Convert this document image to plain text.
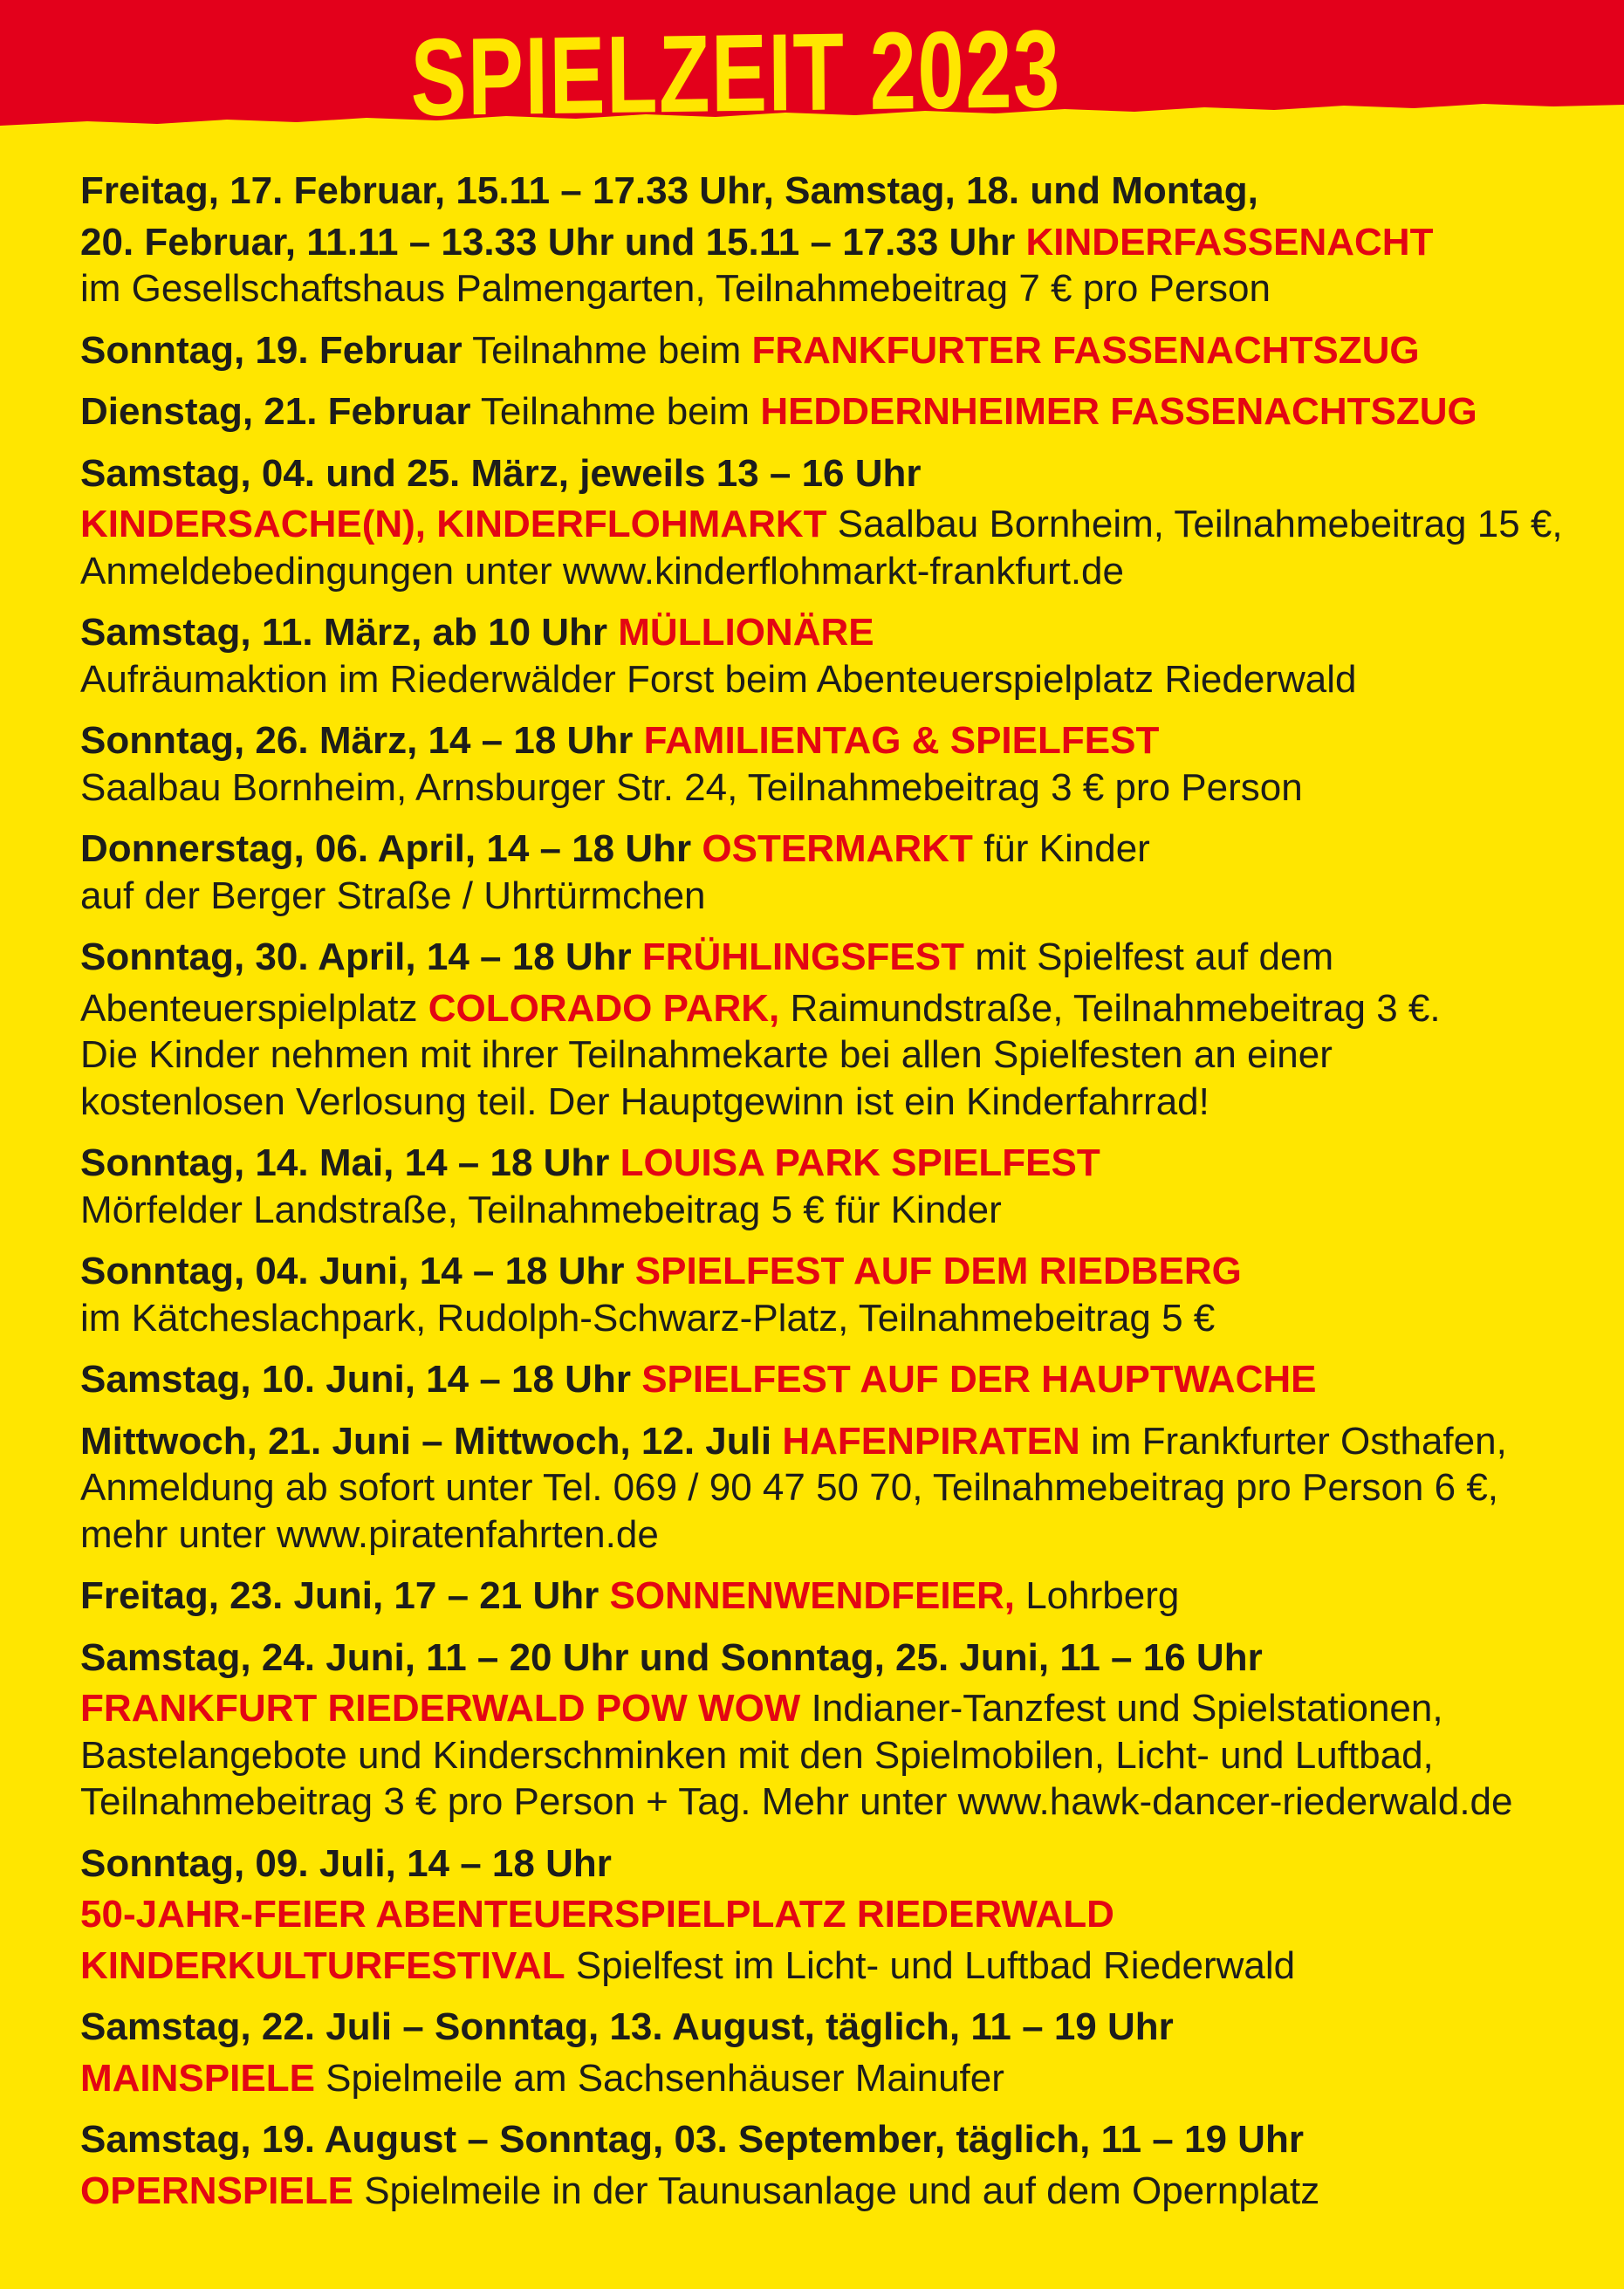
SPIELZEIT 2023
Freitag, 17. Februar, 15.11 – 17.33 Uhr, Samstag, 18. und Montag,
20. Februar, 11.11 – 13.33 Uhr und 15.11 – 17.33 Uhr KINDERFASSENACHT
im Gesellschaftshaus Palmengarten, Teilnahmebeitrag 7 € pro Person
Sonntag, 19. Februar Teilnahme beim FRANKFURTER FASSENACHTSZUG
Dienstag, 21. Februar Teilnahme beim HEDDERNHEIMER FASSENACHTSZUG
Samstag, 04. und 25. März, jeweils 13 – 16 Uhr
KINDERSACHE(N), KINDERFLOHMARKT Saalbau Bornheim, Teilnahmebeitrag 15 €,
Anmeldebedingungen unter www.kinderflohmarkt-frankfurt.de
Samstag, 11. März, ab 10 Uhr MÜLLIONÄRE
Aufräumaktion im Riederwälder Forst beim Abenteuerspielplatz Riederwald
Sonntag, 26. März, 14 – 18 Uhr FAMILIENTAG & SPIELFEST
Saalbau Bornheim, Arnsburger Str. 24, Teilnahmebeitrag 3 € pro Person
Donnerstag, 06. April, 14 – 18 Uhr OSTERMARKT für Kinder
auf der Berger Straße / Uhrtürmchen
Sonntag, 30. April, 14 – 18 Uhr FRÜHLINGSFEST mit Spielfest auf dem
Abenteuerspielplatz COLORADO PARK, Raimundstraße, Teilnahmebeitrag 3 €.
Die Kinder nehmen mit ihrer Teilnahmekarte bei allen Spielfesten an einer
kostenlosen Verlosung teil. Der Hauptgewinn ist ein Kinderfahrrad!
Sonntag, 14. Mai, 14 – 18 Uhr LOUISA PARK SPIELFEST
Mörfelder Landstraße, Teilnahmebeitrag 5 € für Kinder
Sonntag, 04. Juni, 14 – 18 Uhr SPIELFEST AUF DEM RIEDBERG
im Kätcheslachpark, Rudolph-Schwarz-Platz, Teilnahmebeitrag 5 €
Samstag, 10. Juni, 14 – 18 Uhr SPIELFEST AUF DER HAUPTWACHE
Mittwoch, 21. Juni – Mittwoch, 12. Juli HAFENPIRATEN im Frankfurter Osthafen,
Anmeldung ab sofort unter Tel. 069 / 90 47 50 70, Teilnahmebeitrag pro Person 6 €,
mehr unter www.piratenfahrten.de
Freitag, 23. Juni, 17 – 21 Uhr SONNENWENDFEIER, Lohrberg
Samstag, 24. Juni, 11 – 20 Uhr und Sonntag, 25. Juni, 11 – 16 Uhr
FRANKFURT RIEDERWALD POW WOW Indianer-Tanzfest und Spielstationen,
Bastelangebote und Kinderschminken mit den Spielmobilen, Licht- und Luftbad,
Teilnahmebeitrag 3 € pro Person + Tag. Mehr unter www.hawk-dancer-riederwald.de
Sonntag, 09. Juli, 14 – 18 Uhr
50-JAHR-FEIER ABENTEUERSPIELPLATZ RIEDERWALD
KINDERKULTURFESTIVAL Spielfest im Licht- und Luftbad Riederwald
Samstag, 22. Juli – Sonntag, 13. August, täglich, 11 – 19 Uhr
MAINSPIELE Spielmeile am Sachsenhäuser Mainufer
Samstag, 19. August – Sonntag, 03. September, täglich, 11 – 19 Uhr
OPERNSPIELE Spielmeile in der Taunusanlage und auf dem Opernplatz
